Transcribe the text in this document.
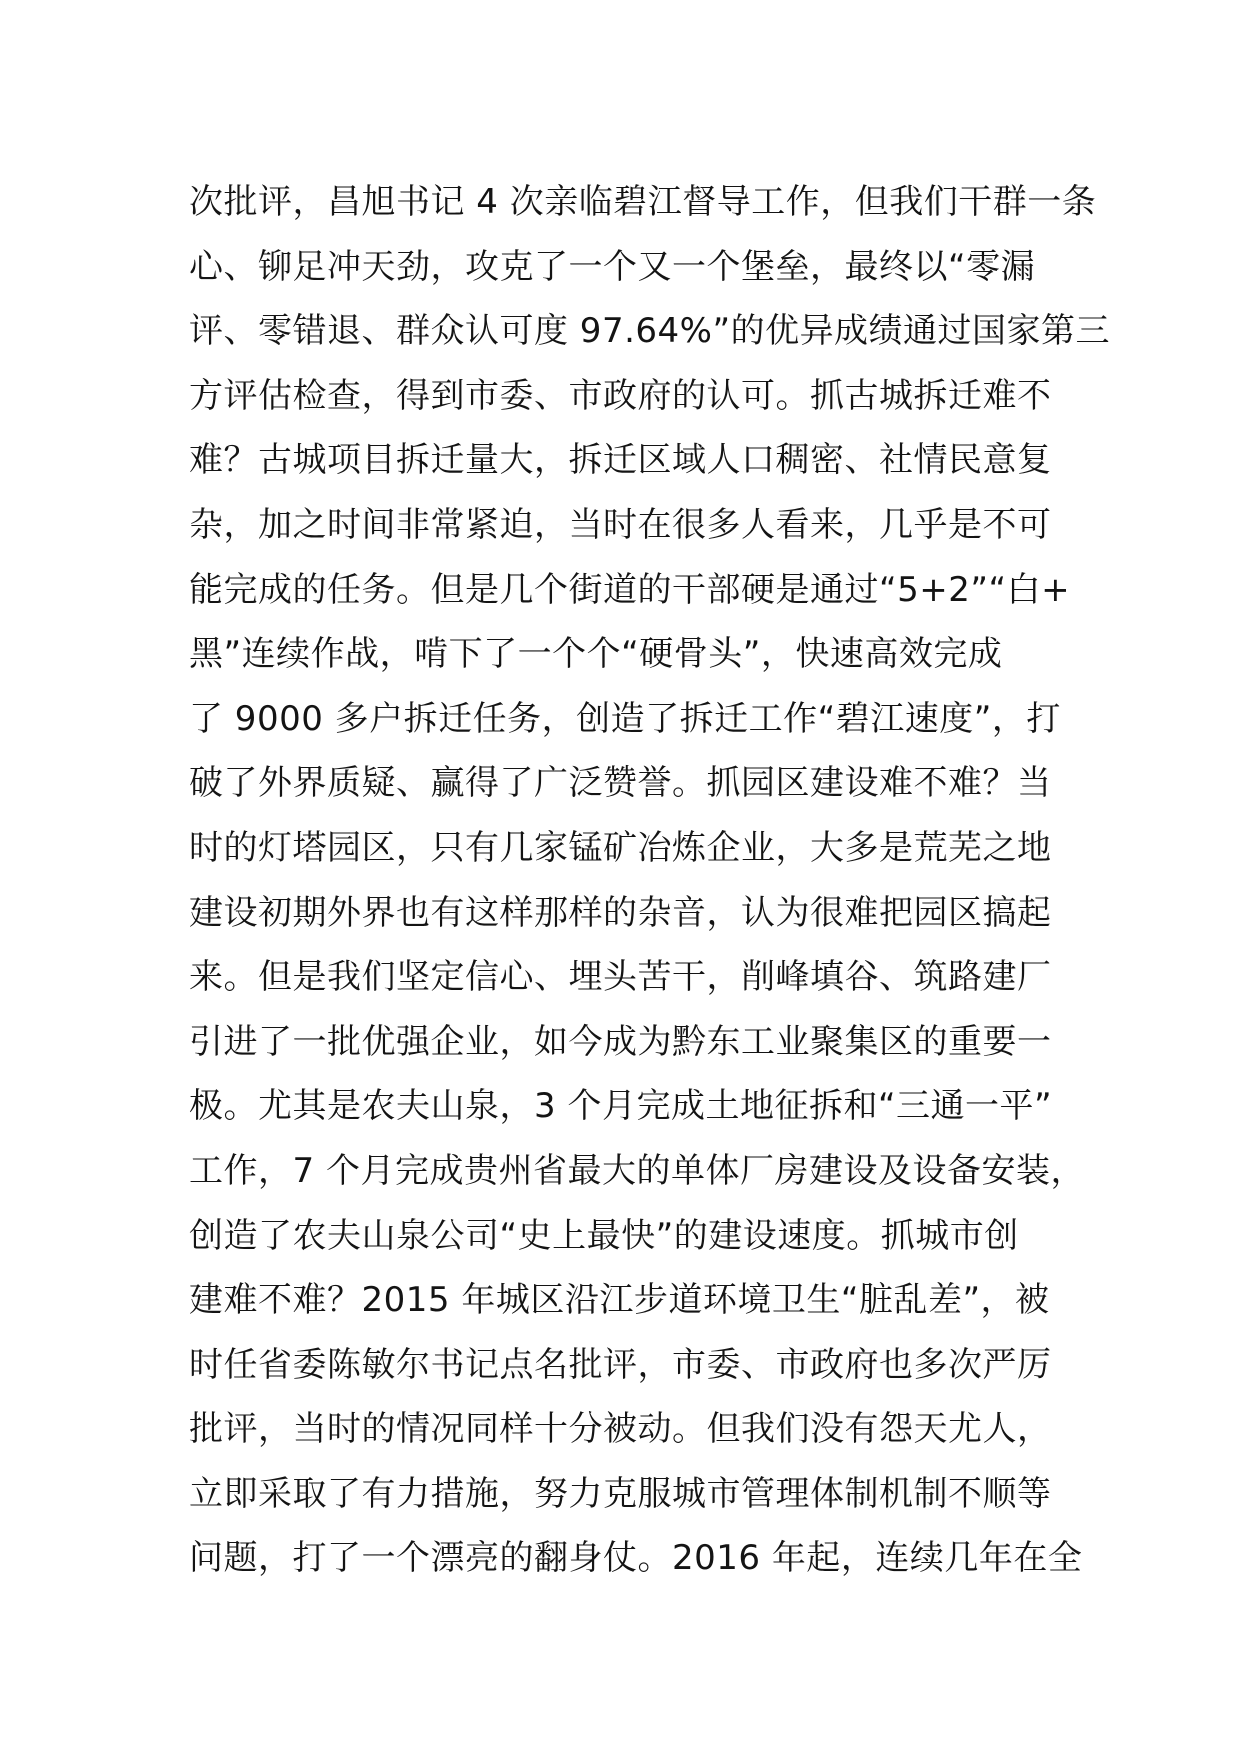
次批评，昌旭书记 4 次亲临碧江督导工作，但我们干群一条
心、铆足冲天劲，攻克了一个又一个堡垒，最终以“零漏
评、零错退、群众认可度 97.64%”的优异成绩通过国家第三
方评估检查，得到市委、市政府的认可。抓古城拆迁难不
难？古城项目拆迁量大，拆迁区域人口稠密、社情民意复
杂，加之时间非常紧迫，当时在很多人看来，几乎是不可
能完成的任务。但是几个街道的干部硬是通过“5+2”“白+
黑”连续作战，啃下了一个个“硬骨头”，快速高效完成
了 9000 多户拆迁任务，创造了拆迁工作“碧江速度”，打
破了外界质疑、赢得了广泛赞誉。抓园区建设难不难？当
时的灯塔园区，只有几家锰矿冶炼企业，大多是荒芜之地
建设初期外界也有这样那样的杂音，认为很难把园区搞起
来。但是我们坚定信心、埋头苦干，削峰填谷、筑路建厂
引进了一批优强企业，如今成为黔东工业聚集区的重要一
极。尤其是农夫山泉，3 个月完成土地征拆和“三通一平”
工作，7 个月完成贵州省最大的单体厂房建设及设备安装，
创造了农夫山泉公司“史上最快”的建设速度。抓城市创
建难不难？2015 年城区沿江步道环境卫生“脏乱差”，被
时任省委陈敏尔书记点名批评，市委、市政府也多次严厉
批评，当时的情况同样十分被动。但我们没有怨天尤人，
立即采取了有力措施，努力克服城市管理体制机制不顺等
问题，打了一个漂亮的翻身仗。2016 年起，连续几年在全
